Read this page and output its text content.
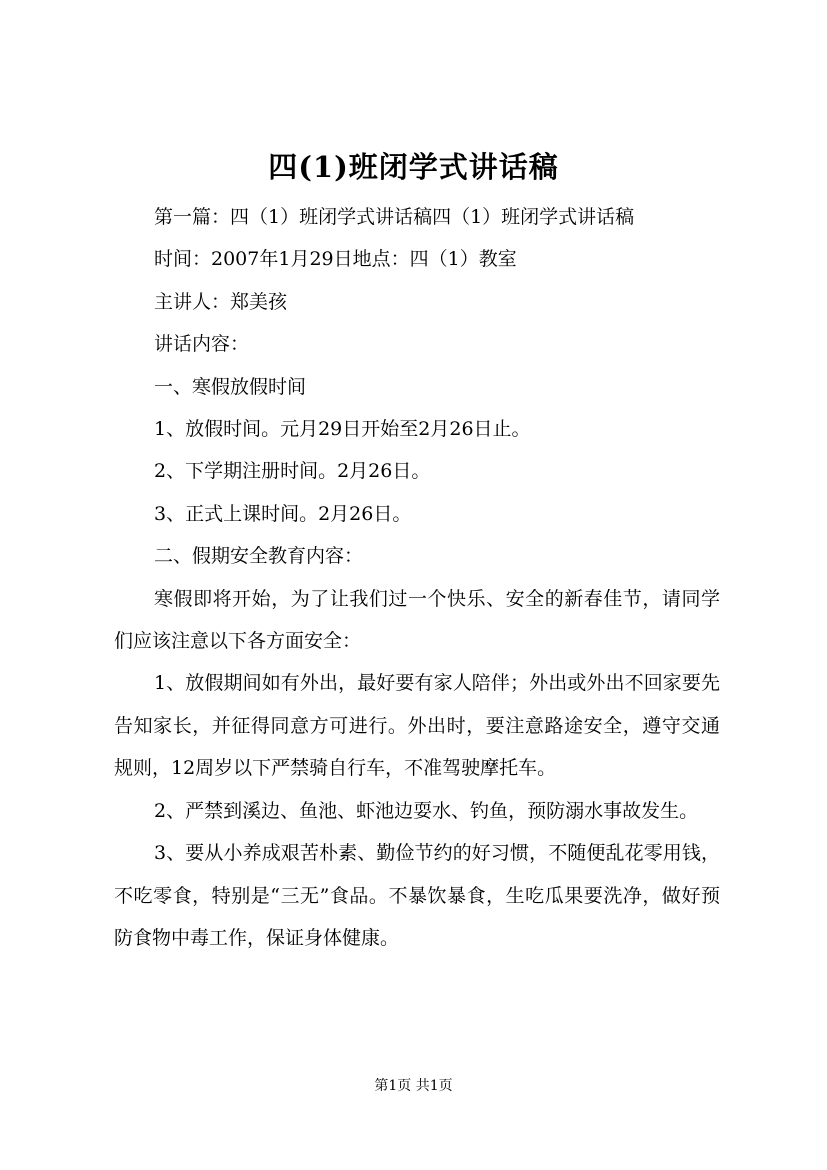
四(1)班闭学式讲话稿

第一篇：四（1）班闭学式讲话稿四（1）班闭学式讲话稿

时间：2007年1月29日地点：四（1）教室

主讲人：郑美孩

讲话内容：

一、寒假放假时间

1、放假时间。元月29日开始至2月26日止。

2、下学期注册时间。2月26日。

3、正式上课时间。2月26日。

二、假期安全教育内容：

寒假即将开始，为了让我们过一个快乐、安全的新春佳节，请同学们应该注意以下各方面安全：

1、放假期间如有外出，最好要有家人陪伴；外出或外出不回家要先告知家长，并征得同意方可进行。外出时，要注意路途安全，遵守交通规则，12周岁以下严禁骑自行车，不准驾驶摩托车。

2、严禁到溪边、鱼池、虾池边耍水、钓鱼，预防溺水事故发生。

3、要从小养成艰苦朴素、勤俭节约的好习惯，不随便乱花零用钱，不吃零食，特别是“三无”食品。不暴饮暴食，生吃瓜果要洗净，做好预防食物中毒工作，保证身体健康。

第1页 共1页
